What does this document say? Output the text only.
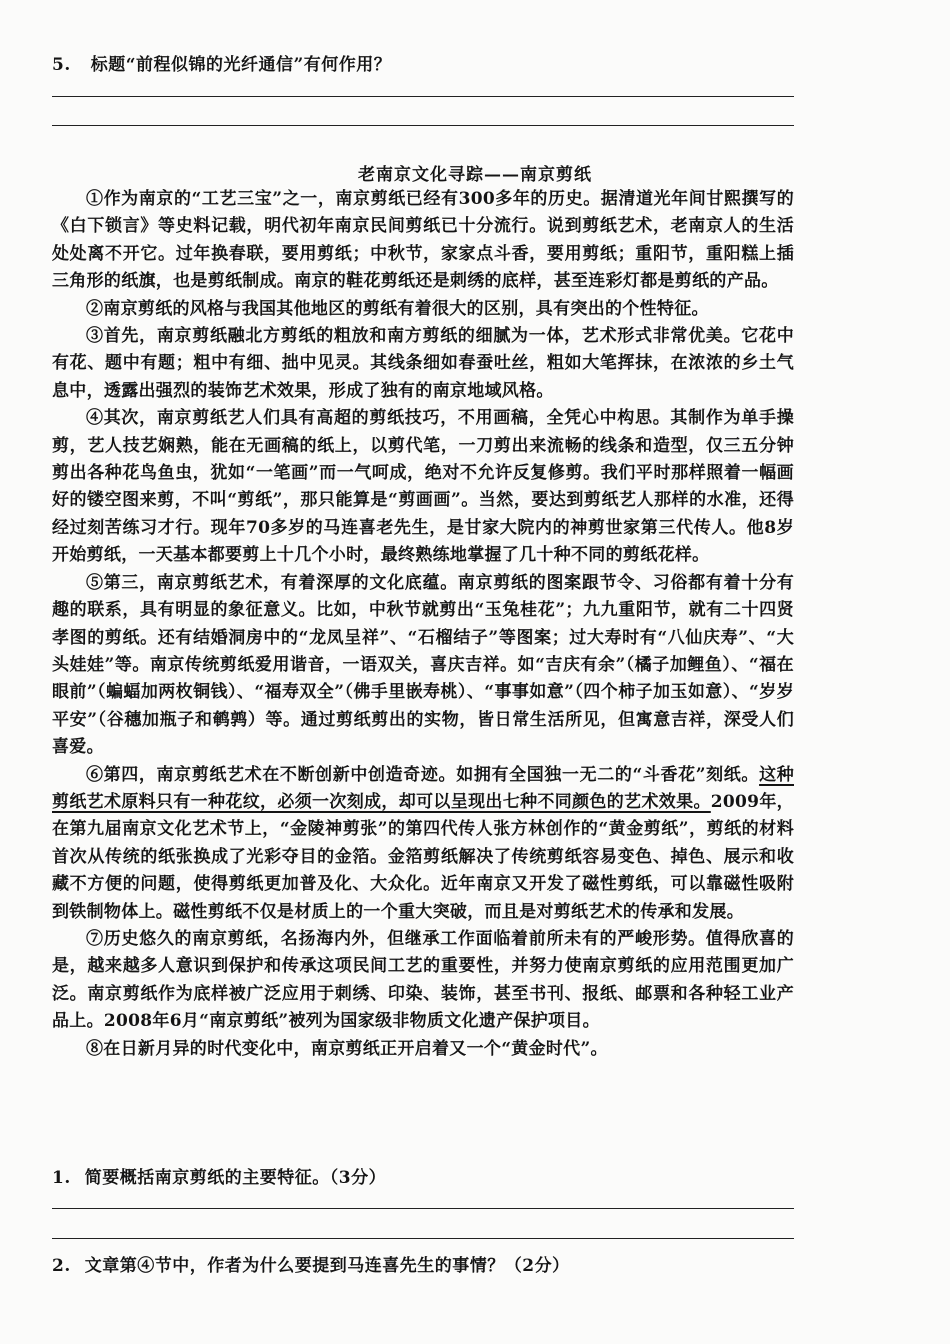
5. 标题“前程似锦的光纤通信”有何作用？
老南京文化寻踪——南京剪纸

①作为南京的“工艺三宝”之一，南京剪纸已经有300多年的历史。据清道光年间甘熙撰写的《白下锁言》等史料记载，明代初年南京民间剪纸已十分流行。说到剪纸艺术，老南京人的生活处处离不开它。过年换春联，要用剪纸；中秋节，家家点斗香，要用剪纸；重阳节，重阳糕上插三角形的纸旗，也是剪纸制成。南京的鞋花剪纸还是刺绣的底样，甚至连彩灯都是剪纸的产品。

②南京剪纸的风格与我国其他地区的剪纸有着很大的区别，具有突出的个性特征。

③首先，南京剪纸融北方剪纸的粗放和南方剪纸的细腻为一体，艺术形式非常优美。它花中有花、题中有题；粗中有细、拙中见灵。其线条细如春蚕吐丝，粗如大笔挥抹，在浓浓的乡土气息中，透露出强烈的装饰艺术效果，形成了独有的南京地域风格。

④其次，南京剪纸艺人们具有高超的剪纸技巧，不用画稿，全凭心中构思。其制作为单手操剪，艺人技艺娴熟，能在无画稿的纸上，以剪代笔，一刀剪出来流畅的线条和造型，仅三五分钟剪出各种花鸟鱼虫，犹如“一笔画”而一气呵成，绝对不允许反复修剪。我们平时那样照着一幅画好的镂空图来剪，不叫“剪纸”，那只能算是“剪画画”。当然，要达到剪纸艺人那样的水准，还得经过刻苦练习才行。现年70多岁的马连喜老先生，是甘家大院内的神剪世家第三代传人。他8岁开始剪纸，一天基本都要剪上十几个小时，最终熟练地掌握了几十种不同的剪纸花样。

⑤第三，南京剪纸艺术，有着深厚的文化底蕴。南京剪纸的图案跟节令、习俗都有着十分有趣的联系，具有明显的象征意义。比如，中秋节就剪出“玉兔桂花”；九九重阳节，就有二十四贤孝图的剪纸。还有结婚洞房中的“龙凤呈祥”、“石榴结子”等图案；过大寿时有“八仙庆寿”、“大头娃娃”等。南京传统剪纸爱用谐音，一语双关，喜庆吉祥。如“吉庆有余”（橘子加鲤鱼）、“福在眼前”（蝙蝠加两枚铜钱）、“福寿双全”（佛手里嵌寿桃）、“事事如意”（四个柿子加玉如意）、“岁岁平安”（谷穗加瓶子和鹌鹑）等。通过剪纸剪出的实物，皆日常生活所见，但寓意吉祥，深受人们喜爱。

⑥第四，南京剪纸艺术在不断创新中创造奇迹。如拥有全国独一无二的“斗香花”刻纸。这种剪纸艺术原料只有一种花纹，必须一次刻成，却可以呈现出七种不同颜色的艺术效果。2009年，在第九届南京文化艺术节上，“金陵神剪张”的第四代传人张方林创作的“黄金剪纸”，剪纸的材料首次从传统的纸张换成了光彩夺目的金箔。金箔剪纸解决了传统剪纸容易变色、掉色、展示和收藏不方便的问题，使得剪纸更加普及化、大众化。近年南京又开发了磁性剪纸，可以靠磁性吸附到铁制物体上。磁性剪纸不仅是材质上的一个重大突破，而且是对剪纸艺术的传承和发展。

⑦历史悠久的南京剪纸，名扬海内外，但继承工作面临着前所未有的严峻形势。值得欣喜的是，越来越多人意识到保护和传承这项民间工艺的重要性，并努力使南京剪纸的应用范围更加广泛。南京剪纸作为底样被广泛应用于刺绣、印染、装饰，甚至书刊、报纸、邮票和各种轻工业产品上。2008年6月“南京剪纸”被列为国家级非物质文化遗产保护项目。

⑧在日新月异的时代变化中，南京剪纸正开启着又一个“黄金时代”。

1. 简要概括南京剪纸的主要特征。（3分）
2. 文章第④节中，作者为什么要提到马连喜先生的事情？（2分）
